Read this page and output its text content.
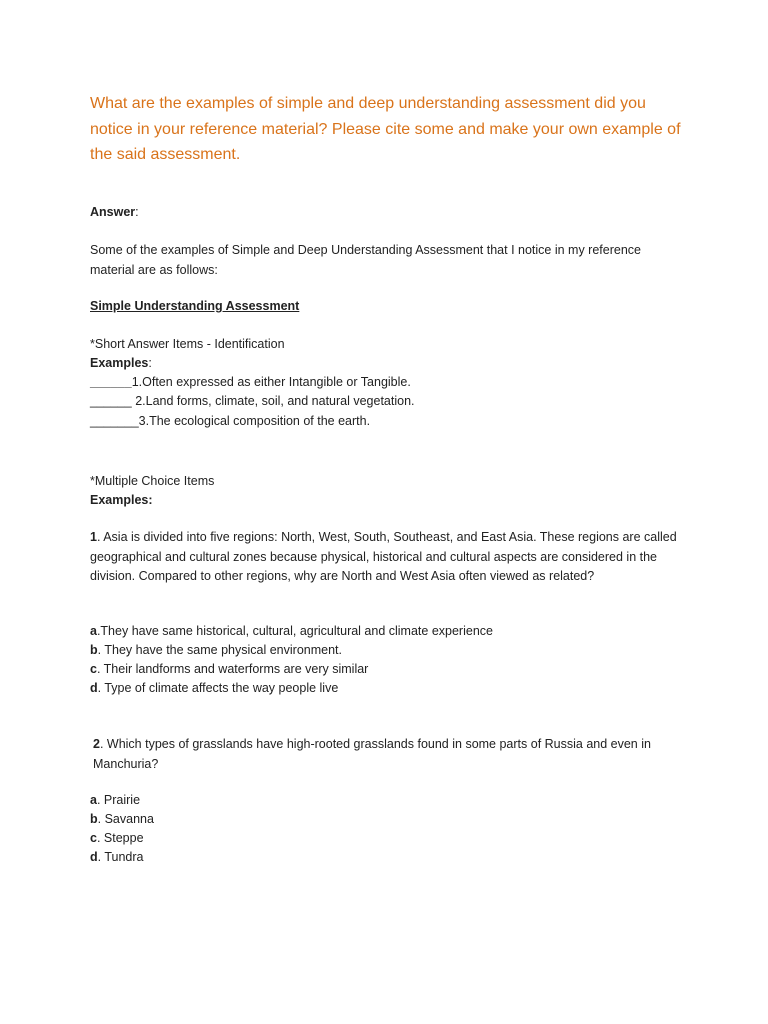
What are the examples of simple and deep understanding assessment did you notice in your reference material? Please cite some and make your own example of the said assessment.
Answer:
Some of the examples of Simple and Deep Understanding Assessment that I notice in my reference material are as follows:
Simple Understanding Assessment
*Short Answer Items - Identification
Examples:
______1.Often expressed as either Intangible or Tangible.
______ 2.Land forms, climate, soil, and natural vegetation.
_______3.The ecological composition of the earth.
*Multiple Choice Items
Examples:
1. Asia is divided into five regions: North, West, South, Southeast, and East Asia. These regions are called geographical and cultural zones because physical, historical and cultural aspects are considered in the division. Compared to other regions, why are North and West Asia often viewed as related?
a.They have same historical, cultural, agricultural and climate experience
b. They have the same physical environment.
c. Their landforms and waterforms are very similar
d. Type of climate affects the way people live
2. Which types of grasslands have high-rooted grasslands found in some parts of Russia and even in Manchuria?
a. Prairie
b. Savanna
c. Steppe
d. Tundra
